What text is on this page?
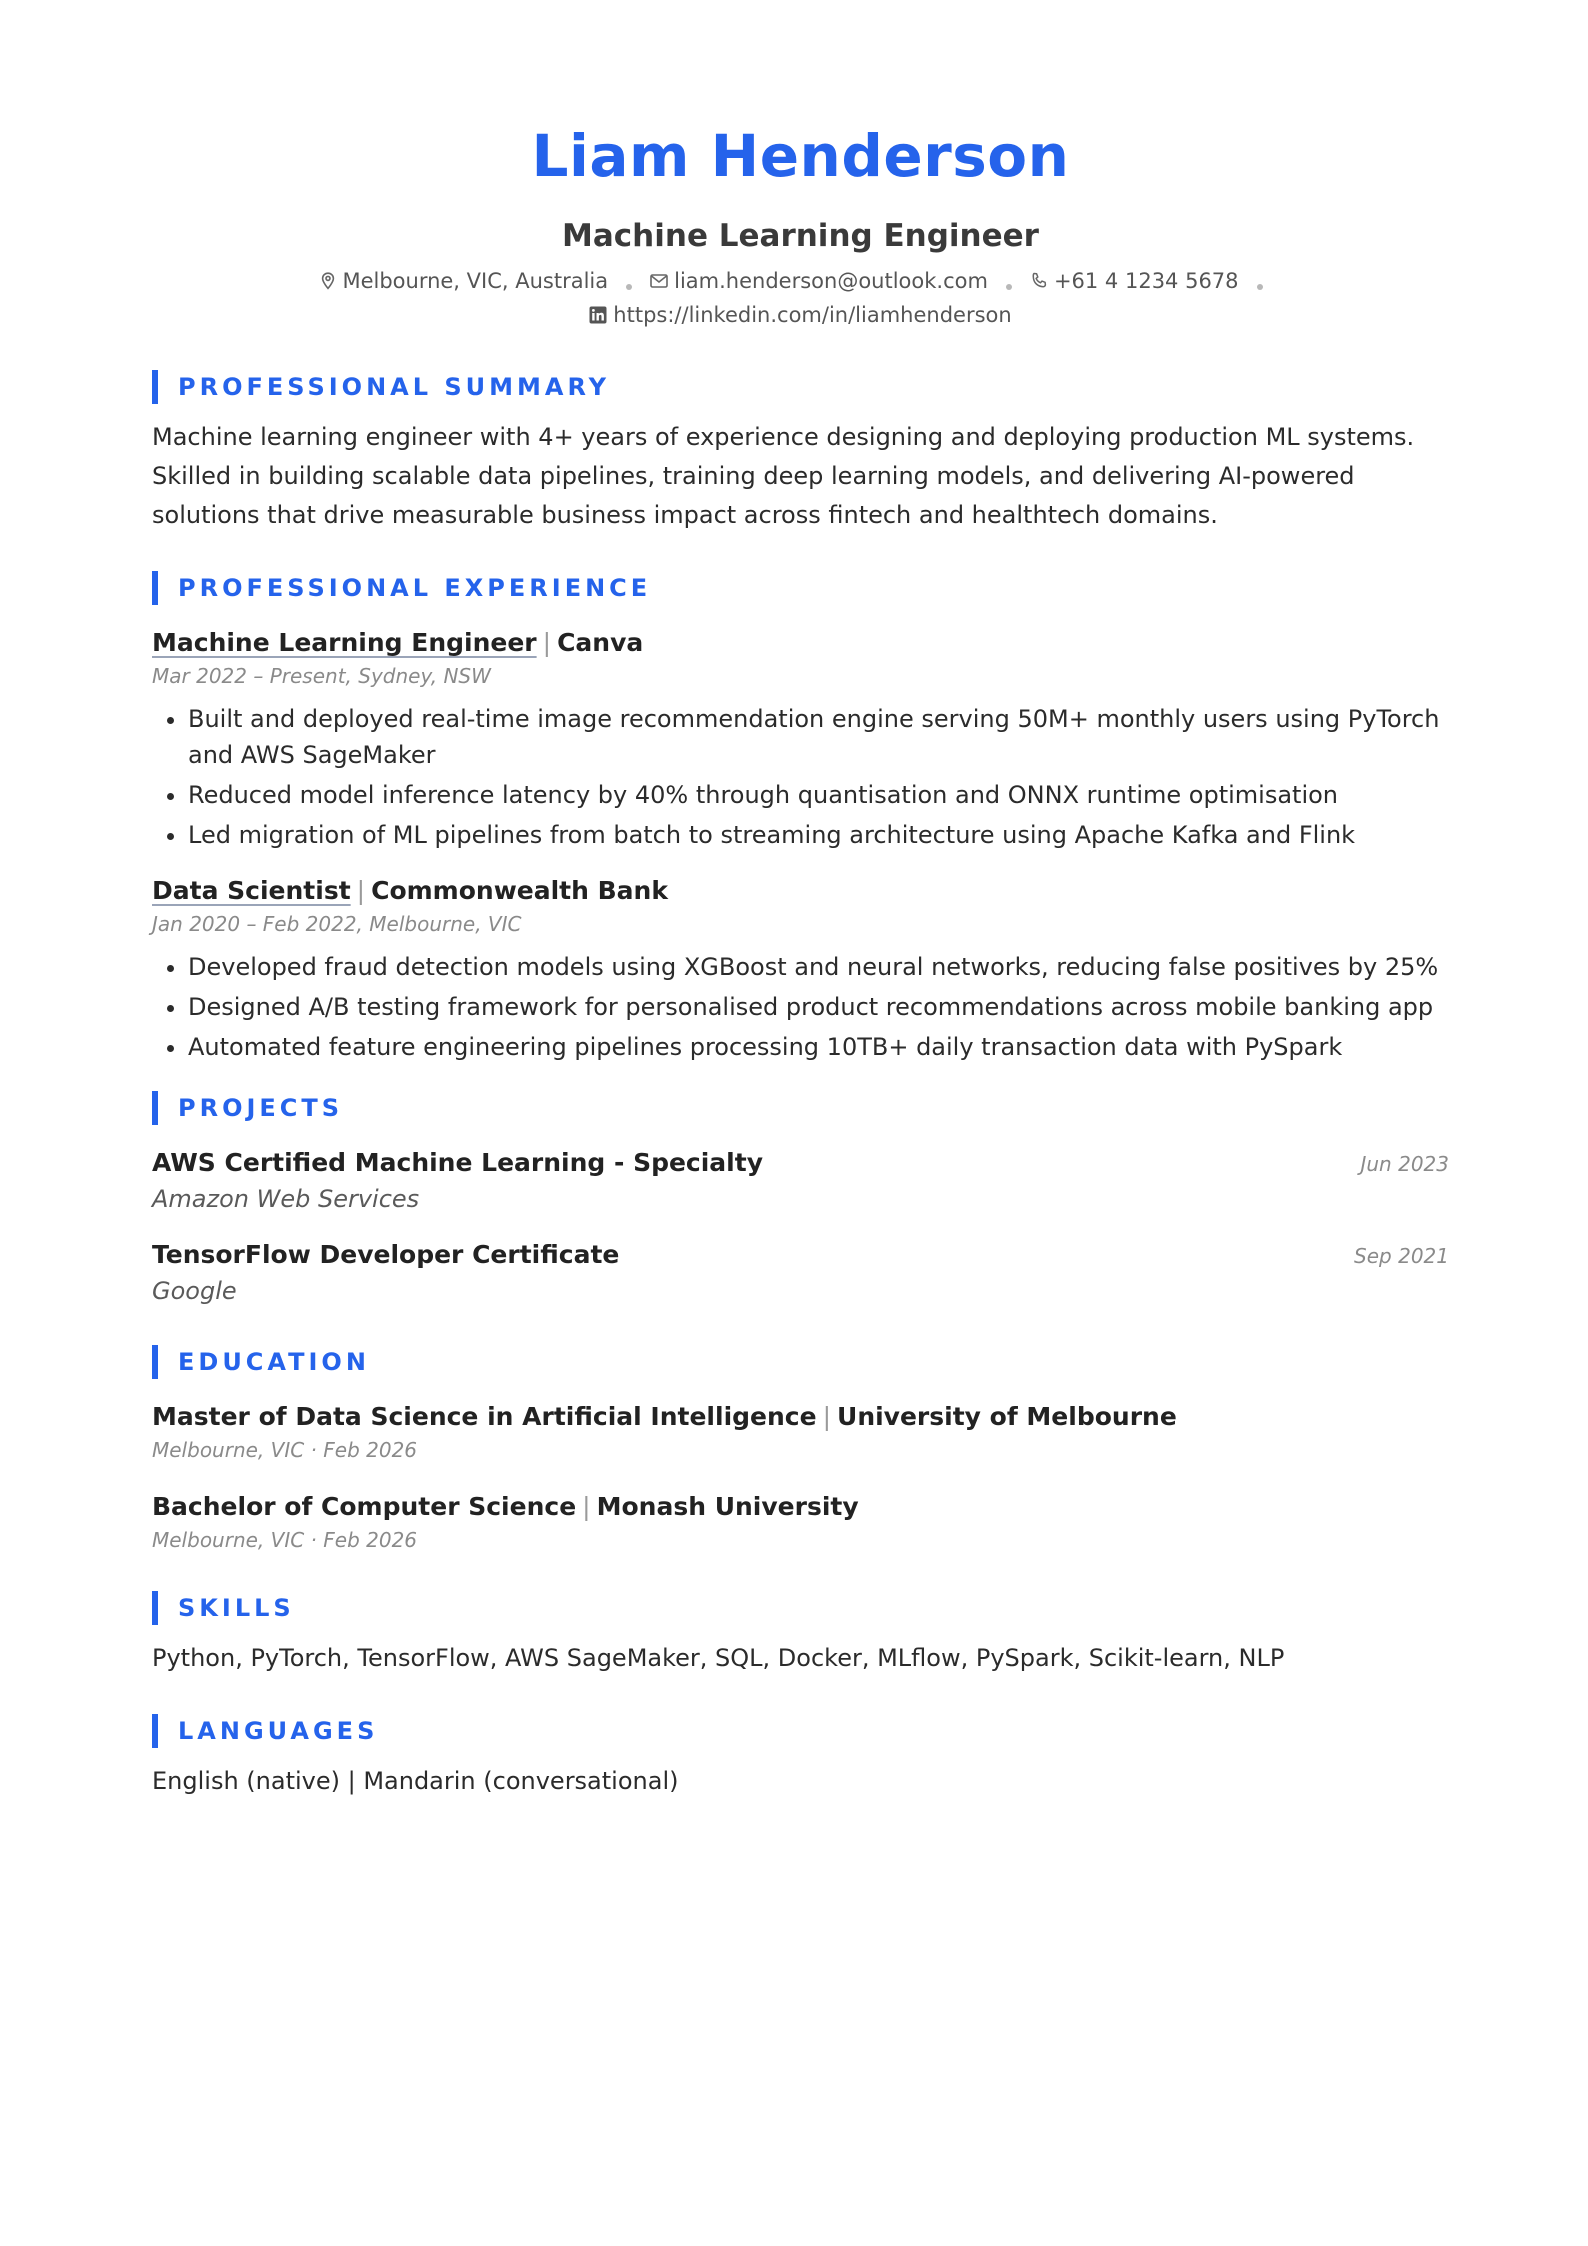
Liam Henderson
Machine Learning Engineer
Melbourne, VIC, Australia	liam.henderson@outlook.com	+61 4 1234 5678
https://linkedin.com/in/liamhenderson
PROFESSIONAL SUMMARY
Machine learning engineer with 4+ years of experience designing and deploying production ML systems. Skilled in building scalable data pipelines, training deep learning models, and delivering AI-powered solutions that drive measurable business impact across fintech and healthtech domains.
PROFESSIONAL EXPERIENCE
Machine Learning Engineer | Canva
Mar 2022 – Present, Sydney, NSW
• Built and deployed real-time image recommendation engine serving 50M+ monthly users using PyTorch and AWS SageMaker
• Reduced model inference latency by 40% through quantisation and ONNX runtime optimisation
• Led migration of ML pipelines from batch to streaming architecture using Apache Kafka and Flink
Data Scientist | Commonwealth Bank
Jan 2020 – Feb 2022, Melbourne, VIC
• Developed fraud detection models using XGBoost and neural networks, reducing false positives by 25%
• Designed A/B testing framework for personalised product recommendations across mobile banking app
• Automated feature engineering pipelines processing 10TB+ daily transaction data with PySpark
PROJECTS
AWS Certified Machine Learning - Specialty	Jun 2023
Amazon Web Services
TensorFlow Developer Certificate	Sep 2021
Google
EDUCATION
Master of Data Science in Artificial Intelligence | University of Melbourne
Melbourne, VIC · Feb 2026
Bachelor of Computer Science | Monash University
Melbourne, VIC · Feb 2026
SKILLS
Python, PyTorch, TensorFlow, AWS SageMaker, SQL, Docker, MLflow, PySpark, Scikit-learn, NLP
LANGUAGES
English (native) | Mandarin (conversational)
